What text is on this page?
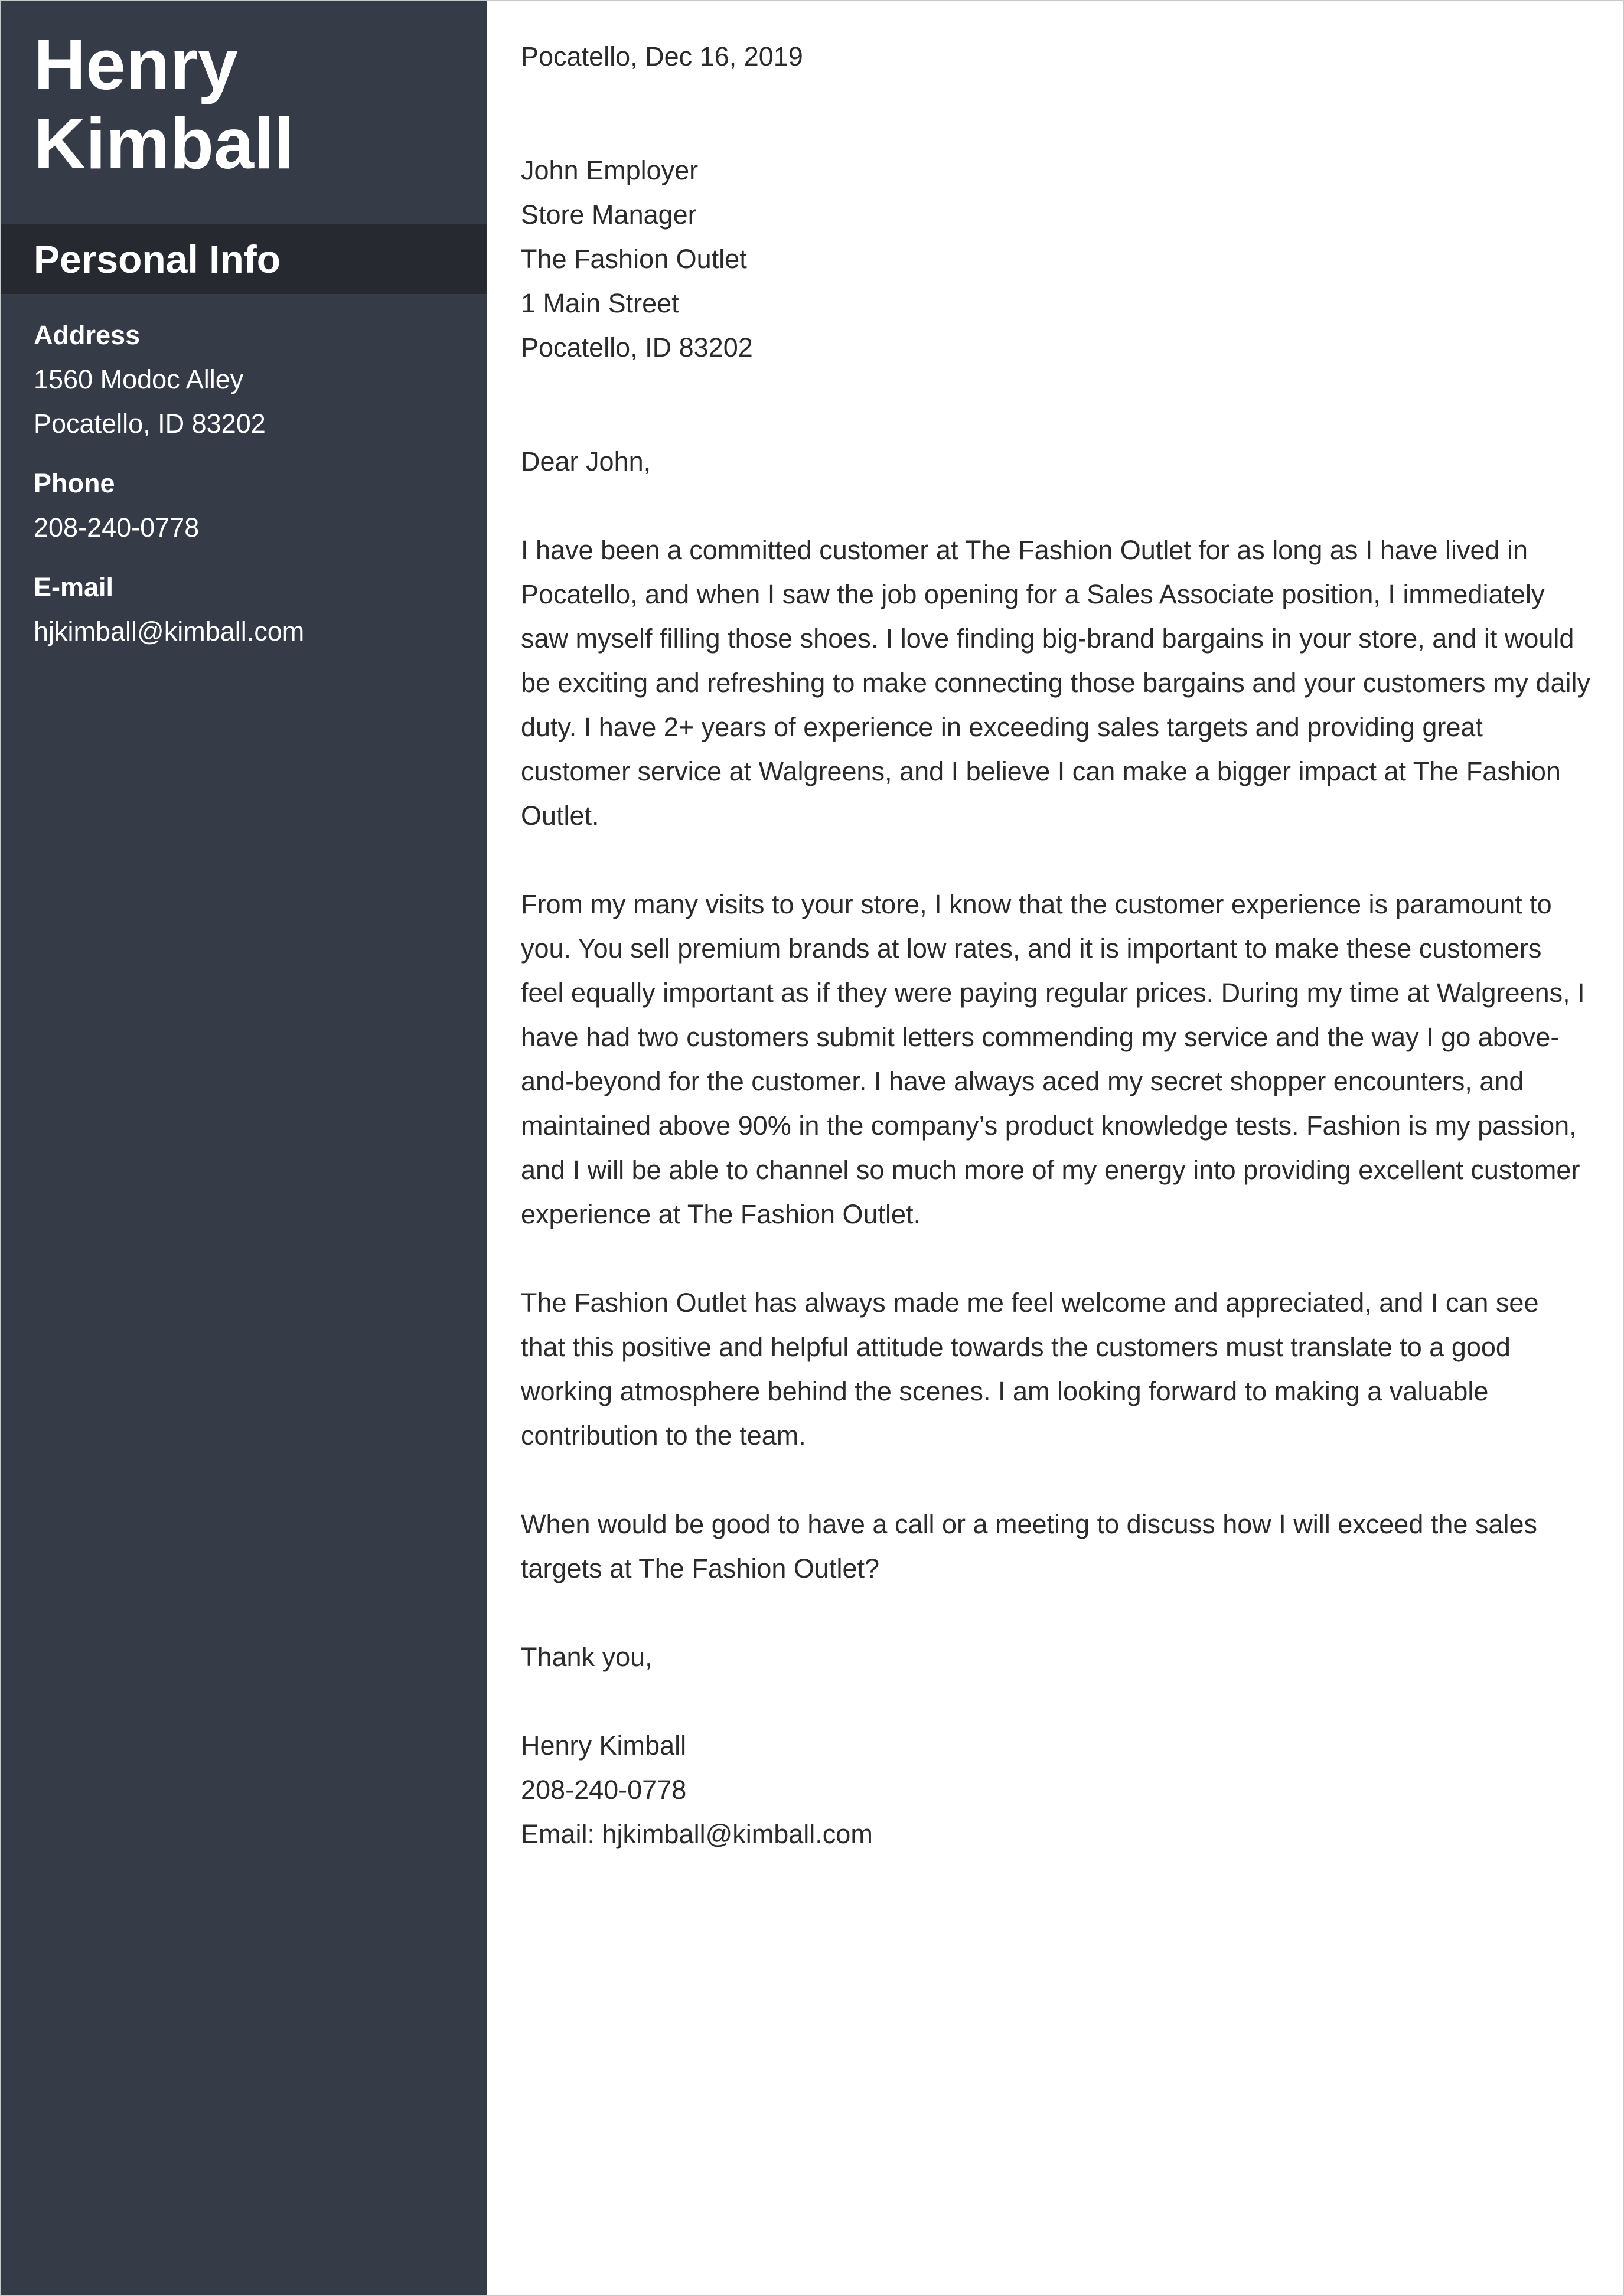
Henry
Kimball
Personal Info
Address
1560 Modoc Alley
Pocatello, ID 83202
Phone
208-240-0778
E-mail
hjkimball@kimball.com

Pocatello, Dec 16, 2019

John Employer
Store Manager
The Fashion Outlet
1 Main Street
Pocatello, ID 83202

Dear John,

I have been a committed customer at The Fashion Outlet for as long as I have lived in Pocatello, and when I saw the job opening for a Sales Associate position, I immediately saw myself filling those shoes. I love finding big-brand bargains in your store, and it would be exciting and refreshing to make connecting those bargains and your customers my daily duty. I have 2+ years of experience in exceeding sales targets and providing great customer service at Walgreens, and I believe I can make a bigger impact at The Fashion Outlet.

From my many visits to your store, I know that the customer experience is paramount to you. You sell premium brands at low rates, and it is important to make these customers feel equally important as if they were paying regular prices. During my time at Walgreens, I have had two customers submit letters commending my service and the way I go above-and-beyond for the customer. I have always aced my secret shopper encounters, and maintained above 90% in the company’s product knowledge tests. Fashion is my passion, and I will be able to channel so much more of my energy into providing excellent customer experience at The Fashion Outlet.

The Fashion Outlet has always made me feel welcome and appreciated, and I can see that this positive and helpful attitude towards the customers must translate to a good working atmosphere behind the scenes. I am looking forward to making a valuable contribution to the team.

When would be good to have a call or a meeting to discuss how I will exceed the sales targets at The Fashion Outlet?

Thank you,

Henry Kimball
208-240-0778
Email: hjkimball@kimball.com
